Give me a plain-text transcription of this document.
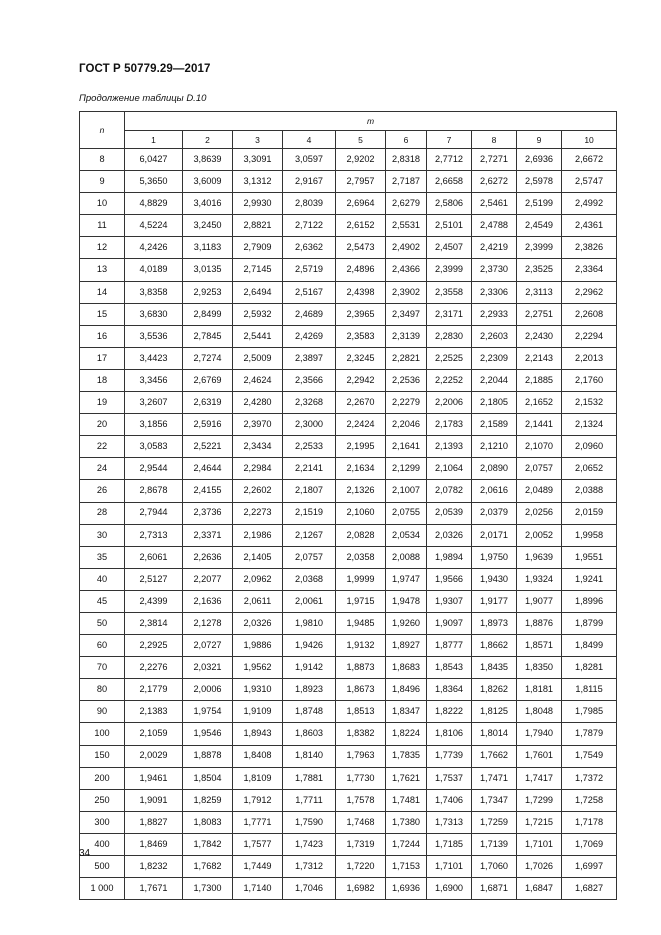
ГОСТ Р 50779.29—2017
Продолжение таблицы D.10
n	m									
	1	2	3	4	5	6	7	8	9	10
8	6,0427	3,8639	3,3091	3,0597	2,9202	2,8318	2,7712	2,7271	2,6936	2,6672
9	5,3650	3,6009	3,1312	2,9167	2,7957	2,7187	2,6658	2,6272	2,5978	2,5747
10	4,8829	3,4016	2,9930	2,8039	2,6964	2,6279	2,5806	2,5461	2,5199	2,4992
11	4,5224	3,2450	2,8821	2,7122	2,6152	2,5531	2,5101	2,4788	2,4549	2,4361
12	4,2426	3,1183	2,7909	2,6362	2,5473	2,4902	2,4507	2,4219	2,3999	2,3826
13	4,0189	3,0135	2,7145	2,5719	2,4896	2,4366	2,3999	2,3730	2,3525	2,3364
14	3,8358	2,9253	2,6494	2,5167	2,4398	2,3902	2,3558	2,3306	2,3113	2,2962
15	3,6830	2,8499	2,5932	2,4689	2,3965	2,3497	2,3171	2,2933	2,2751	2,2608
16	3,5536	2,7845	2,5441	2,4269	2,3583	2,3139	2,2830	2,2603	2,2430	2,2294
17	3,4423	2,7274	2,5009	2,3897	2,3245	2,2821	2,2525	2,2309	2,2143	2,2013
18	3,3456	2,6769	2,4624	2,3566	2,2942	2,2536	2,2252	2,2044	2,1885	2,1760
19	3,2607	2,6319	2,4280	2,3268	2,2670	2,2279	2,2006	2,1805	2,1652	2,1532
20	3,1856	2,5916	2,3970	2,3000	2,2424	2,2046	2,1783	2,1589	2,1441	2,1324
22	3,0583	2,5221	2,3434	2,2533	2,1995	2,1641	2,1393	2,1210	2,1070	2,0960
24	2,9544	2,4644	2,2984	2,2141	2,1634	2,1299	2,1064	2,0890	2,0757	2,0652
26	2,8678	2,4155	2,2602	2,1807	2,1326	2,1007	2,0782	2,0616	2,0489	2,0388
28	2,7944	2,3736	2,2273	2,1519	2,1060	2,0755	2,0539	2,0379	2,0256	2,0159
30	2,7313	2,3371	2,1986	2,1267	2,0828	2,0534	2,0326	2,0171	2,0052	1,9958
35	2,6061	2,2636	2,1405	2,0757	2,0358	2,0088	1,9894	1,9750	1,9639	1,9551
40	2,5127	2,2077	2,0962	2,0368	1,9999	1,9747	1,9566	1,9430	1,9324	1,9241
45	2,4399	2,1636	2,0611	2,0061	1,9715	1,9478	1,9307	1,9177	1,9077	1,8996
50	2,3814	2,1278	2,0326	1,9810	1,9485	1,9260	1,9097	1,8973	1,8876	1,8799
60	2,2925	2,0727	1,9886	1,9426	1,9132	1,8927	1,8777	1,8662	1,8571	1,8499
70	2,2276	2,0321	1,9562	1,9142	1,8873	1,8683	1,8543	1,8435	1,8350	1,8281
80	2,1779	2,0006	1,9310	1,8923	1,8673	1,8496	1,8364	1,8262	1,8181	1,8115
90	2,1383	1,9754	1,9109	1,8748	1,8513	1,8347	1,8222	1,8125	1,8048	1,7985
100	2,1059	1,9546	1,8943	1,8603	1,8382	1,8224	1,8106	1,8014	1,7940	1,7879
150	2,0029	1,8878	1,8408	1,8140	1,7963	1,7835	1,7739	1,7662	1,7601	1,7549
200	1,9461	1,8504	1,8109	1,7881	1,7730	1,7621	1,7537	1,7471	1,7417	1,7372
250	1,9091	1,8259	1,7912	1,7711	1,7578	1,7481	1,7406	1,7347	1,7299	1,7258
300	1,8827	1,8083	1,7771	1,7590	1,7468	1,7380	1,7313	1,7259	1,7215	1,7178
400	1,8469	1,7842	1,7577	1,7423	1,7319	1,7244	1,7185	1,7139	1,7101	1,7069
500	1,8232	1,7682	1,7449	1,7312	1,7220	1,7153	1,7101	1,7060	1,7026	1,6997
1 000	1,7671	1,7300	1,7140	1,7046	1,6982	1,6936	1,6900	1,6871	1,6847	1,6827
34
